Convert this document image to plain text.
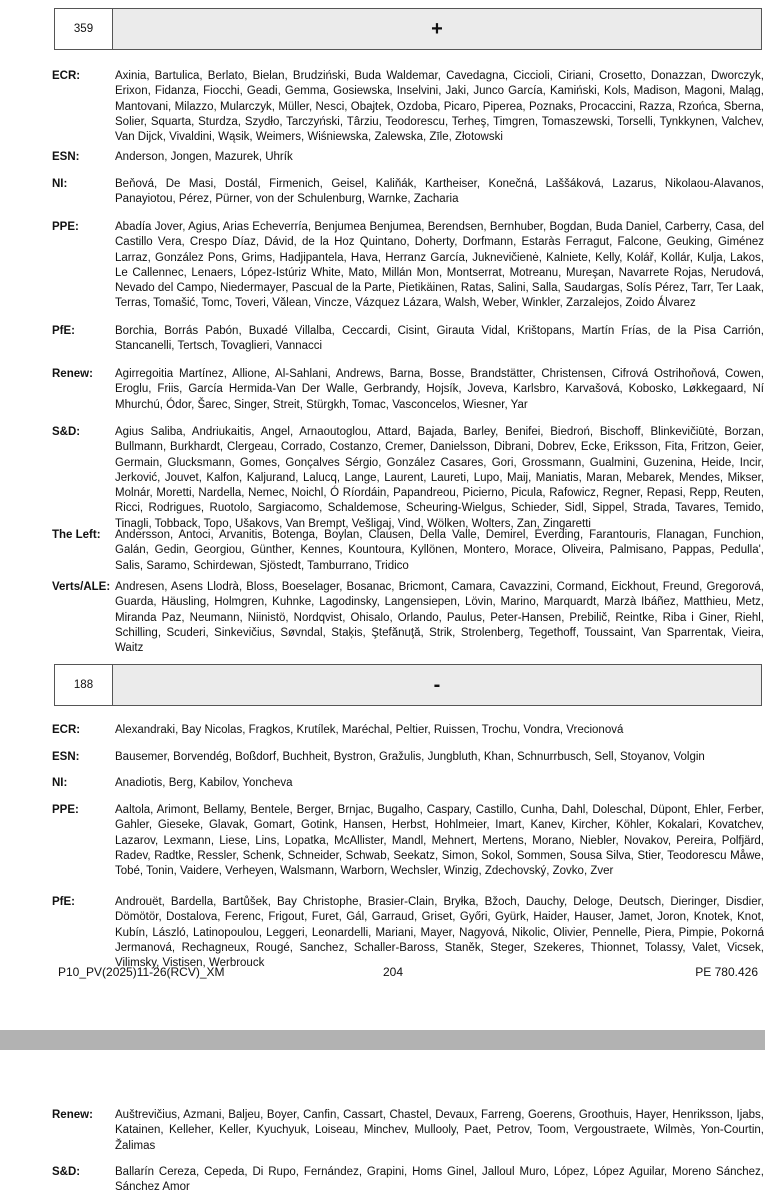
359	+
ECR:	Axinia, Bartulica, Berlato, Bielan, Brudziński, Buda Waldemar, Cavedagna, Ciccioli, Ciriani, Crosetto, Donazzan, Dworczyk, Erixon, Fidanza, Fiocchi, Geadi, Gemma, Gosiewska, Inselvini, Jaki, Junco García, Kamiński, Kols, Madison, Magoni, Maląg, Mantovani, Milazzo, Mularczyk, Müller, Nesci, Obajtek, Ozdoba, Picaro, Piperea, Poznaks, Procaccini, Razza, Rzońca, Sberna, Solier, Squarta, Sturdza, Szydło, Tarczyński, Târziu, Teodorescu, Terheş, Timgren, Tomaszewski, Torselli, Tynkkynen, Valchev, Van Dijck, Vivaldini, Wąsik, Weimers, Wiśniewska, Zalewska, Zīle, Złotowski
ESN:	Anderson, Jongen, Mazurek, Uhrík
NI:	Beňová, De Masi, Dostál, Firmenich, Geisel, Kaliňák, Kartheiser, Konečná, Laššáková, Lazarus, Nikolaou-Alavanos, Panayiotou, Pérez, Pürner, von der Schulenburg, Warnke, Zacharia
PPE:	Abadía Jover, Agius, Arias Echeverría, Benjumea Benjumea, Berendsen, Bernhuber, Bogdan, Buda Daniel, Carberry, Casa, del Castillo Vera, Crespo Díaz, Dávid, de la Hoz Quintano, Doherty, Dorfmann, Estaràs Ferragut, Falcone, Geuking, Giménez Larraz, González Pons, Grims, Hadjipantela, Hava, Herranz García, Juknevičienė, Kalniete, Kelly, Kolář, Kollár, Kulja, Lakos, Le Callennec, Lenaers, López-Istúriz White, Mato, Millán Mon, Montserrat, Motreanu, Mureşan, Navarrete Rojas, Nerudová, Nevado del Campo, Niedermayer, Pascual de la Parte, Pietikäinen, Ratas, Salini, Salla, Saudargas, Solís Pérez, Tarr, Ter Laak, Terras, Tomašić, Tomc, Toveri, Vălean, Vincze, Vázquez Lázara, Walsh, Weber, Winkler, Zarzalejos, Zoido Álvarez
PfE:	Borchia, Borrás Pabón, Buxadé Villalba, Ceccardi, Cisint, Girauta Vidal, Krištopans, Martín Frías, de la Pisa Carrión, Stancanelli, Tertsch, Tovaglieri, Vannacci
Renew:	Agirregoitia Martínez, Allione, Al-Sahlani, Andrews, Barna, Bosse, Brandstätter, Christensen, Cifrová Ostrihoňová, Cowen, Eroglu, Friis, García Hermida-Van Der Walle, Gerbrandy, Hojsík, Joveva, Karlsbro, Karvašová, Kobosko, Løkkegaard, Ní Mhurchú, Ódor, Šarec, Singer, Streit, Stürgkh, Tomac, Vasconcelos, Wiesner, Yar
S&D:	Agius Saliba, Andriukaitis, Angel, Arnaoutoglou, Attard, Bajada, Barley, Benifei, Biedroń, Bischoff, Blinkevičiūtė, Borzan, Bullmann, Burkhardt, Clergeau, Corrado, Costanzo, Cremer, Danielsson, Dibrani, Dobrev, Ecke, Eriksson, Fita, Fritzon, Geier, Germain, Glucksmann, Gomes, Gonçalves Sérgio, González Casares, Gori, Grossmann, Gualmini, Guzenina, Heide, Incir, Jerković, Jouvet, Kalfon, Kaljurand, Lalucq, Lange, Laurent, Laureti, Lupo, Maij, Maniatis, Maran, Mebarek, Mendes, Mikser, Molnár, Moretti, Nardella, Nemec, Noichl, Ó Ríordáin, Papandreou, Picierno, Picula, Rafowicz, Regner, Repasi, Repp, Reuten, Ricci, Rodrigues, Ruotolo, Sargiacomo, Schaldemose, Scheuring-Wielgus, Schieder, Sidl, Sippel, Strada, Tavares, Temido, Tinagli, Tobback, Topo, Ušakovs, Van Brempt, Vešligaj, Vind, Wölken, Wolters, Zan, Zingaretti
The Left:	Andersson, Antoci, Arvanitis, Botenga, Boylan, Clausen, Della Valle, Demirel, Everding, Farantouris, Flanagan, Funchion, Galán, Gedin, Georgiou, Günther, Kennes, Kountoura, Kyllönen, Montero, Morace, Oliveira, Palmisano, Pappas, Pedulla', Salis, Saramo, Schirdewan, Sjöstedt, Tamburrano, Tridico
Verts/ALE: Andresen, Asens Llodrà, Bloss, Boeselager, Bosanac, Bricmont, Camara, Cavazzini, Cormand, Eickhout, Freund, Gregorová, Guarda, Häusling, Holmgren, Kuhnke, Lagodinsky, Langensiepen, Lövin, Marino, Marquardt, Marzà Ibáñez, Matthieu, Metz, Miranda Paz, Neumann, Niinistö, Nordqvist, Ohisalo, Orlando, Paulus, Peter-Hansen, Prebilič, Reintke, Riba i Giner, Riehl, Schilling, Scuderi, Sinkevičius, Søvndal, Staķis, Ştefănuţă, Strik, Strolenberg, Tegethoff, Toussaint, Van Sparrentak, Vieira, Waitz
188	-
ECR:	Alexandraki, Bay Nicolas, Fragkos, Krutílek, Maréchal, Peltier, Ruissen, Trochu, Vondra, Vrecionová
ESN:	Bausemer, Borvendég, Boßdorf, Buchheit, Bystron, Gražulis, Jungbluth, Khan, Schnurrbusch, Sell, Stoyanov, Volgin
NI:	Anadiotis, Berg, Kabilov, Yoncheva
PPE:	Aaltola, Arimont, Bellamy, Bentele, Berger, Brnjac, Bugalho, Caspary, Castillo, Cunha, Dahl, Doleschal, Düpont, Ehler, Ferber, Gahler, Gieseke, Glavak, Gomart, Gotink, Hansen, Herbst, Hohlmeier, Imart, Kanev, Kircher, Köhler, Kokalari, Kovatchev, Lazarov, Lexmann, Liese, Lins, Lopatka, McAllister, Mandl, Mehnert, Mertens, Morano, Niebler, Novakov, Pereira, Polfjärd, Radev, Radtke, Ressler, Schenk, Schneider, Schwab, Seekatz, Simon, Sokol, Sommen, Sousa Silva, Stier, Teodorescu Måwe, Tobé, Tonin, Vaidere, Verheyen, Walsmann, Warborn, Wechsler, Winzig, Zdechovský, Zovko, Zver
PfE:	Androuët, Bardella, Bartůšek, Bay Christophe, Brasier-Clain, Bryłka, Bžoch, Dauchy, Deloge, Deutsch, Dieringer, Disdier, Dömötör, Dostalova, Ferenc, Frigout, Furet, Gál, Garraud, Griset, Győri, Gyürk, Haider, Hauser, Jamet, Joron, Knotek, Knot, Kubín, László, Latinopoulou, Leggeri, Leonardelli, Mariani, Mayer, Nagyová, Nikolic, Olivier, Pennelle, Piera, Pimpie, Pokorná Jermanová, Rechagneux, Rougé, Sanchez, Schaller-Baross, Staněk, Steger, Szekeres, Thionnet, Tolassy, Valet, Vicsek, Vilimsky, Vistisen, Werbrouck
P10_PV(2025)11-26(RCV)_XM	204	PE 780.426
Renew:	Auštrevičius, Azmani, Baljeu, Boyer, Canfin, Cassart, Chastel, Devaux, Farreng, Goerens, Groothuis, Hayer, Henriksson, Ijabs, Katainen, Kelleher, Keller, Kyuchyuk, Loiseau, Minchev, Mullooly, Paet, Petrov, Toom, Vergoustraete, Wilmès, Yon-Courtin, Žalimas
S&D:	Ballarín Cereza, Cepeda, Di Rupo, Fernández, Grapini, Homs Ginel, Jalloul Muro, López, López Aguilar, Moreno Sánchez, Sánchez Amor
